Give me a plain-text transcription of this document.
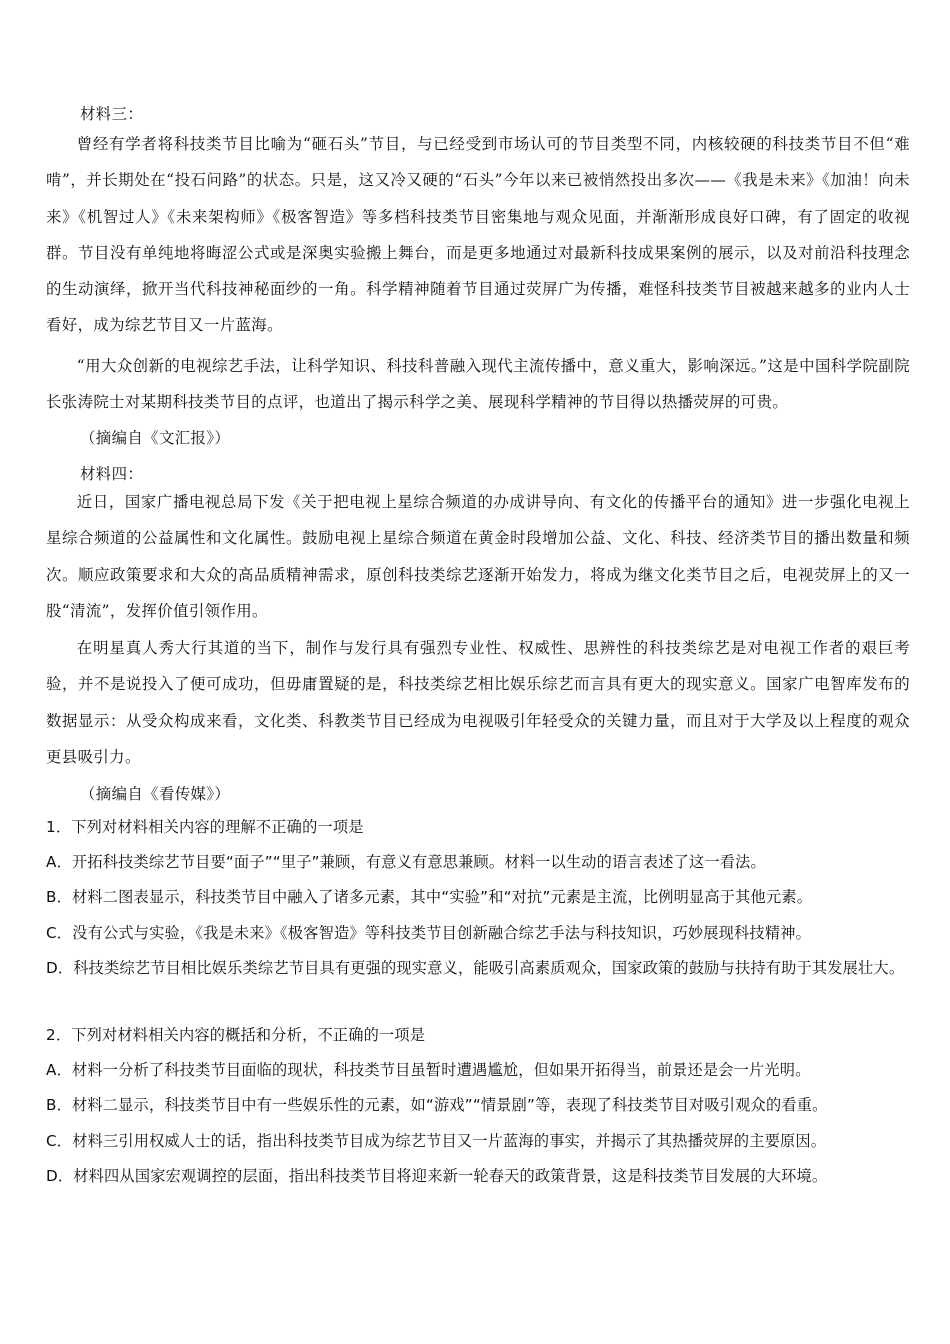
材料三：

曾经有学者将科技类节目比喻为“砸石头”节目，与已经受到市场认可的节目类型不同，内核较硬的科技类节目不但“难啃”，并长期处在“投石问路”的状态。只是，这又冷又硬的“石头”今年以来已被悄然投出多次——《我是未来》《加油！向未来》《机智过人》《未来架构师》《极客智造》等多档科技类节目密集地与观众见面，并渐渐形成良好口碑，有了固定的收视群。节目没有单纯地将晦涩公式或是深奥实验搬上舞台，而是更多地通过对最新科技成果案例的展示，以及对前沿科技理念的生动演绎，掀开当代科技神秘面纱的一角。科学精神随着节目通过荧屏广为传播，难怪科技类节目被越来越多的业内人士看好，成为综艺节目又一片蓝海。

“用大众创新的电视综艺手法，让科学知识、科技科普融入现代主流传播中，意义重大，影响深远。”这是中国科学院副院长张涛院士对某期科技类节目的点评，也道出了揭示科学之美、展现科学精神的节目得以热播荧屏的可贵。

（摘编自《文汇报》）
材料四：

近日，国家广播电视总局下发《关于把电视上星综合频道的办成讲导向、有文化的传播平台的通知》进一步强化电视上星综合频道的公益属性和文化属性。鼓励电视上星综合频道在黄金时段增加公益、文化、科技、经济类节目的播出数量和频次。顺应政策要求和大众的高品质精神需求，原创科技类综艺逐渐开始发力，将成为继文化类节目之后，电视荧屏上的又一股“清流”，发挥价值引领作用。

在明星真人秀大行其道的当下，制作与发行具有强烈专业性、权威性、思辨性的科技类综艺是对电视工作者的艰巨考验，并不是说投入了便可成功，但毋庸置疑的是，科技类综艺相比娱乐综艺而言具有更大的现实意义。国家广电智库发布的数据显示：从受众构成来看，文化类、科教类节目已经成为电视吸引年轻受众的关键力量，而且对于大学及以上程度的观众更县吸引力。

（摘编自《看传媒》）
1．下列对材料相关内容的理解不正确的一项是
A．开拓科技类综艺节目要“面子”“里子”兼顾，有意义有意思兼顾。材料一以生动的语言表述了这一看法。
B．材料二图表显示，科技类节目中融入了诸多元素，其中“实验”和“对抗”元素是主流，比例明显高于其他元素。
C．没有公式与实验，《我是未来》《极客智造》等科技类节目创新融合综艺手法与科技知识，巧妙展现科技精神。
D．科技类综艺节目相比娱乐类综艺节目具有更强的现实意义，能吸引高素质观众，国家政策的鼓励与扶持有助于其发展壮大。
2．下列对材料相关内容的概括和分析，不正确的一项是
A．材料一分析了科技类节目面临的现状，科技类节目虽暂时遭遇尴尬，但如果开拓得当，前景还是会一片光明。
B．材料二显示，科技类节目中有一些娱乐性的元素，如“游戏”“情景剧”等，表现了科技类节目对吸引观众的看重。
C．材料三引用权威人士的话，指出科技类节目成为综艺节目又一片蓝海的事实，并揭示了其热播荧屏的主要原因。
D．材料四从国家宏观调控的层面，指出科技类节目将迎来新一轮春天的政策背景，这是科技类节目发展的大环境。
